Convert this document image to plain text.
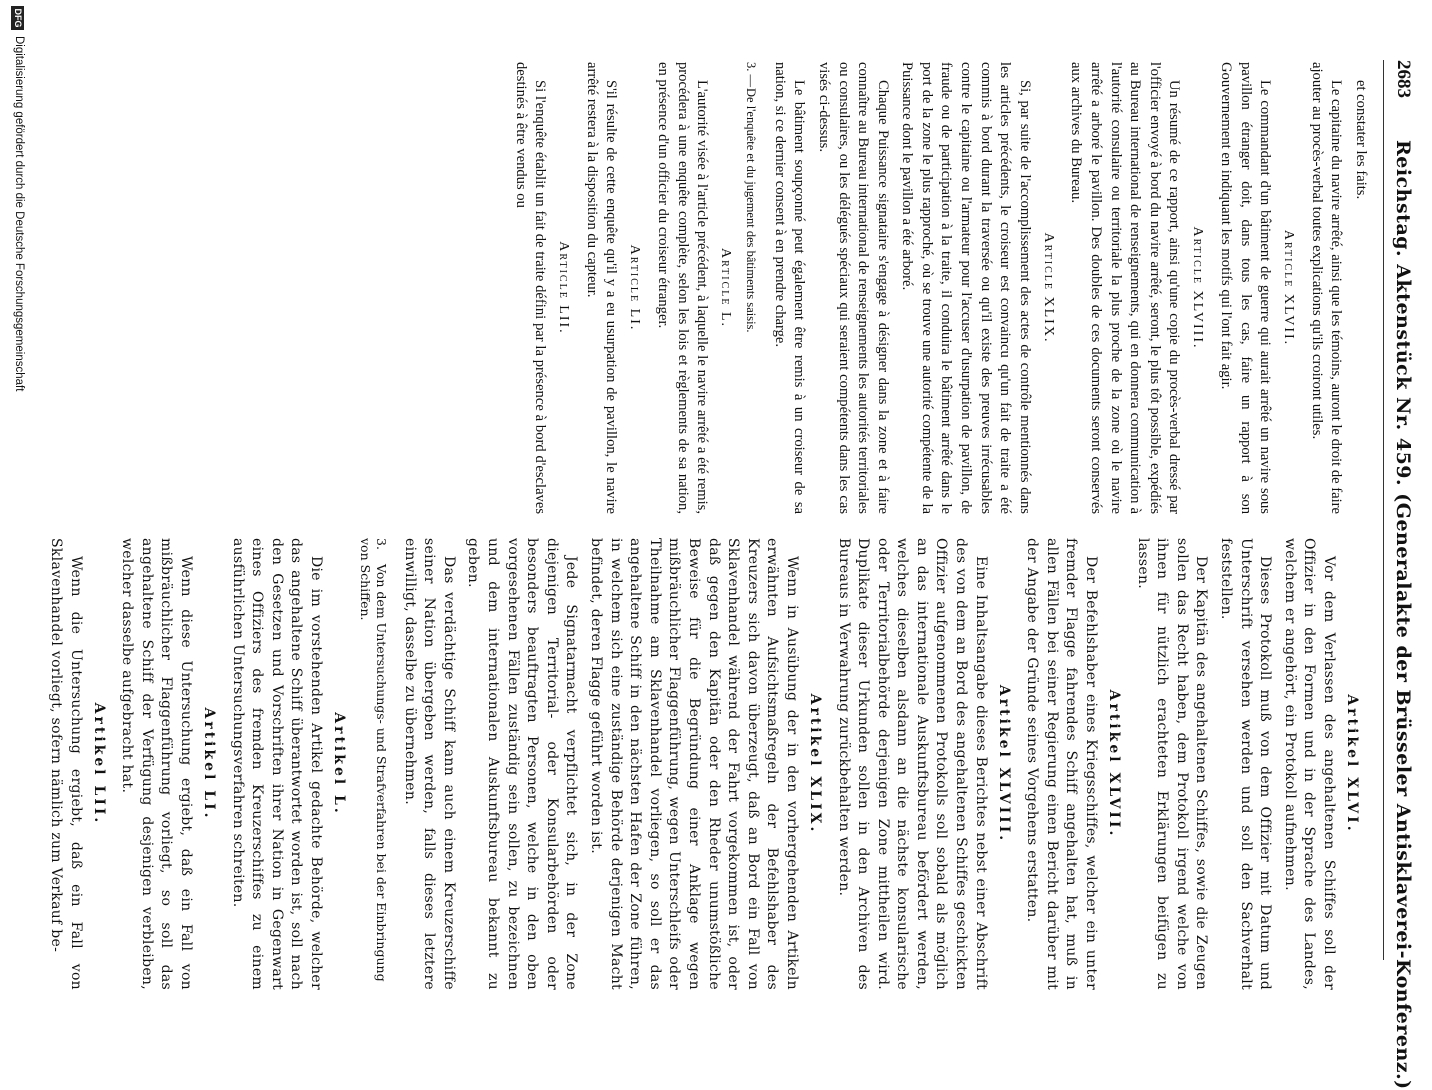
2683
Reichstag. Aktenstück Nr. 459. (Generalakte der Brüsseler Antisklaverei-Konferenz.)

et constater les faits.

Le capitaine du navire arrêté, ainsi que les témoins, auront le droit de faire ajouter au procès-verbal toutes explications qu'ils croiront utiles.

Article XLVII.

Le commandant d'un bâtiment de guerre qui aurait arrêté un navire sous pavillon étranger doit, dans tous les cas, faire un rapport à son Gouvernement en indiquant les motifs qui l'ont fait agir.

Article XLVIII.

Un résumé de ce rapport, ainsi qu'une copie du procès-verbal dressé par l'officier envoyé à bord du navire arrêté, seront, le plus tôt possible, expédiés au Bureau international de renseignements, qui en donnera communication à l'autorité consulaire ou territoriale la plus proche de la zone où le navire arrêté a arboré le pavillon. Des doubles de ces documents seront conservés aux archives du Bureau.

Article XLIX.

Si, par suite de l'accomplissement des actes de contrôle mentionnés dans les articles précédents, le croiseur est convaincu qu'un fait de traite a été commis à bord durant la traversée ou qu'il existe des preuves irrécusables contre le capitaine ou l'armateur pour l'accuser d'usurpation de pavillon, de fraude ou de participation à la traite, il conduira le bâtiment arrêté dans le port de la zone le plus rapproché, où se trouve une autorité compétente de la Puissance dont le pavillon a été arboré.

Chaque Puissance signataire s'engage à désigner dans la zone et à faire connaître au Bureau international de renseignements les autorités territoriales ou consulaires, ou les délégués spéciaux qui seraient compétents dans les cas visés ci-dessus.

Le bâtiment soupçonné peut également être remis à un croiseur de sa nation, si ce dernier consent à en prendre charge.

3. —De l'enquête et du jugement des bâtiments saisis.
Article L.

L'autorité visée à l'article précédent, à laquelle le navire arrêté a été remis, procédera à une enquête complète, selon les lois et règlements de sa nation, en présence d'un officier du croiseur étranger.

Article LI.

S'il résulte de cette enquête qu'il y a eu usurpation de pavillon, le navire arrêté restera à la disposition du capteur.

Article LII.

Si l'enquête établit un fait de traite défini par la présence à bord d'esclaves destinés à être vendus ou

Artikel XLVI.

Vor dem Verlassen des angehaltenen Schiffes soll der Offizier in den Formen und in der Sprache des Landes, welchem er angehört, ein Protokoll aufnehmen.

Dieses Protokoll muß von dem Offizier mit Datum und Unterschrift versehen werden und soll den Sachverhalt feststellen.

Der Kapitän des angehaltenen Schiffes, sowie die Zeugen sollen das Recht haben, dem Protokoll irgend welche von ihnen für nützlich erachteten Erklärungen beifügen zu lassen.

Artikel XLVII.

Der Befehlshaber eines Kriegsschiffes, welcher ein unter fremder Flagge fahrendes Schiff angehalten hat, muß in allen Fällen bei seiner Regierung einen Bericht darüber mit der Angabe der Gründe seines Vorgehens erstatten.

Artikel XLVIII.

Eine Inhaltsangabe dieses Berichtes nebst einer Abschrift des von dem an Bord des angehaltenen Schiffes geschickten Offizier aufgenommenen Protokolls soll sobald als möglich an das internationale Auskunftsbureau befördert werden, welches dieselben alsdann an die nächste konsularische oder Territorialbehörde derjenigen Zone mittheilen wird. Duplikate dieser Urkunden sollen in den Archiven des Bureaus in Verwahrung zurückbehalten werden.

Artikel XLIX.

Wenn in Ausübung der in den vorhergehenden Artikeln erwähnten Aufsichtsmaßregeln der Befehlshaber des Kreuzers sich davon überzeugt, daß an Bord ein Fall von Sklavenhandel während der Fahrt vorgekommen ist, oder daß gegen den Kapitän oder den Rheder unumstößliche Beweise für die Begründung einer Anklage wegen mißbräuchlicher Flaggenführung, wegen Unterschleifs oder Theilnahme am Sklavenhandel vorliegen, so soll er das angehaltene Schiff in den nächsten Hafen der Zone führen, in welchem sich eine zuständige Behörde derjenigen Macht befindet, deren Flagge geführt worden ist.

Jede Signatarmacht verpflichtet sich, in der Zone diejenigen Territorial- oder Konsularbehörden oder besonders beauftragten Personen, welche in den oben vorgesehenen Fällen zuständig sein sollen, zu bezeichnen und dem internationalen Auskunftsbureau bekannt zu geben.

Das verdächtige Schiff kann auch einem Kreuzerschiffe seiner Nation übergeben werden, falls dieses letztere einwilligt, dasselbe zu übernehmen.

3.Von dem Untersuchungs- und Strafverfahren bei der Einbringung von Schiffen.
Artikel L.

Die im vorstehenden Artikel gedachte Behörde, welcher das angehaltene Schiff überantwortet worden ist, soll nach den Gesetzen und Vorschriften ihrer Nation in Gegenwart eines Offiziers des fremden Kreuzerschiffes zu einem ausführlichen Untersuchungsverfahren schreiten.

Artikel LI.

Wenn diese Untersuchung ergiebt, daß ein Fall von mißbräuchlicher Flaggenführung vorliegt, so soll das angehaltene Schiff der Verfügung desjenigen verbleiben, welcher dasselbe aufgebracht hat.

Artikel LII.

Wenn die Untersuchung ergiebt, daß ein Fall von Sklavenhandel vorliegt, sofern nämlich zum Verkauf be-

DFG
Digitalisierung gefördert durch die Deutsche Forschungsgemeinschaft
